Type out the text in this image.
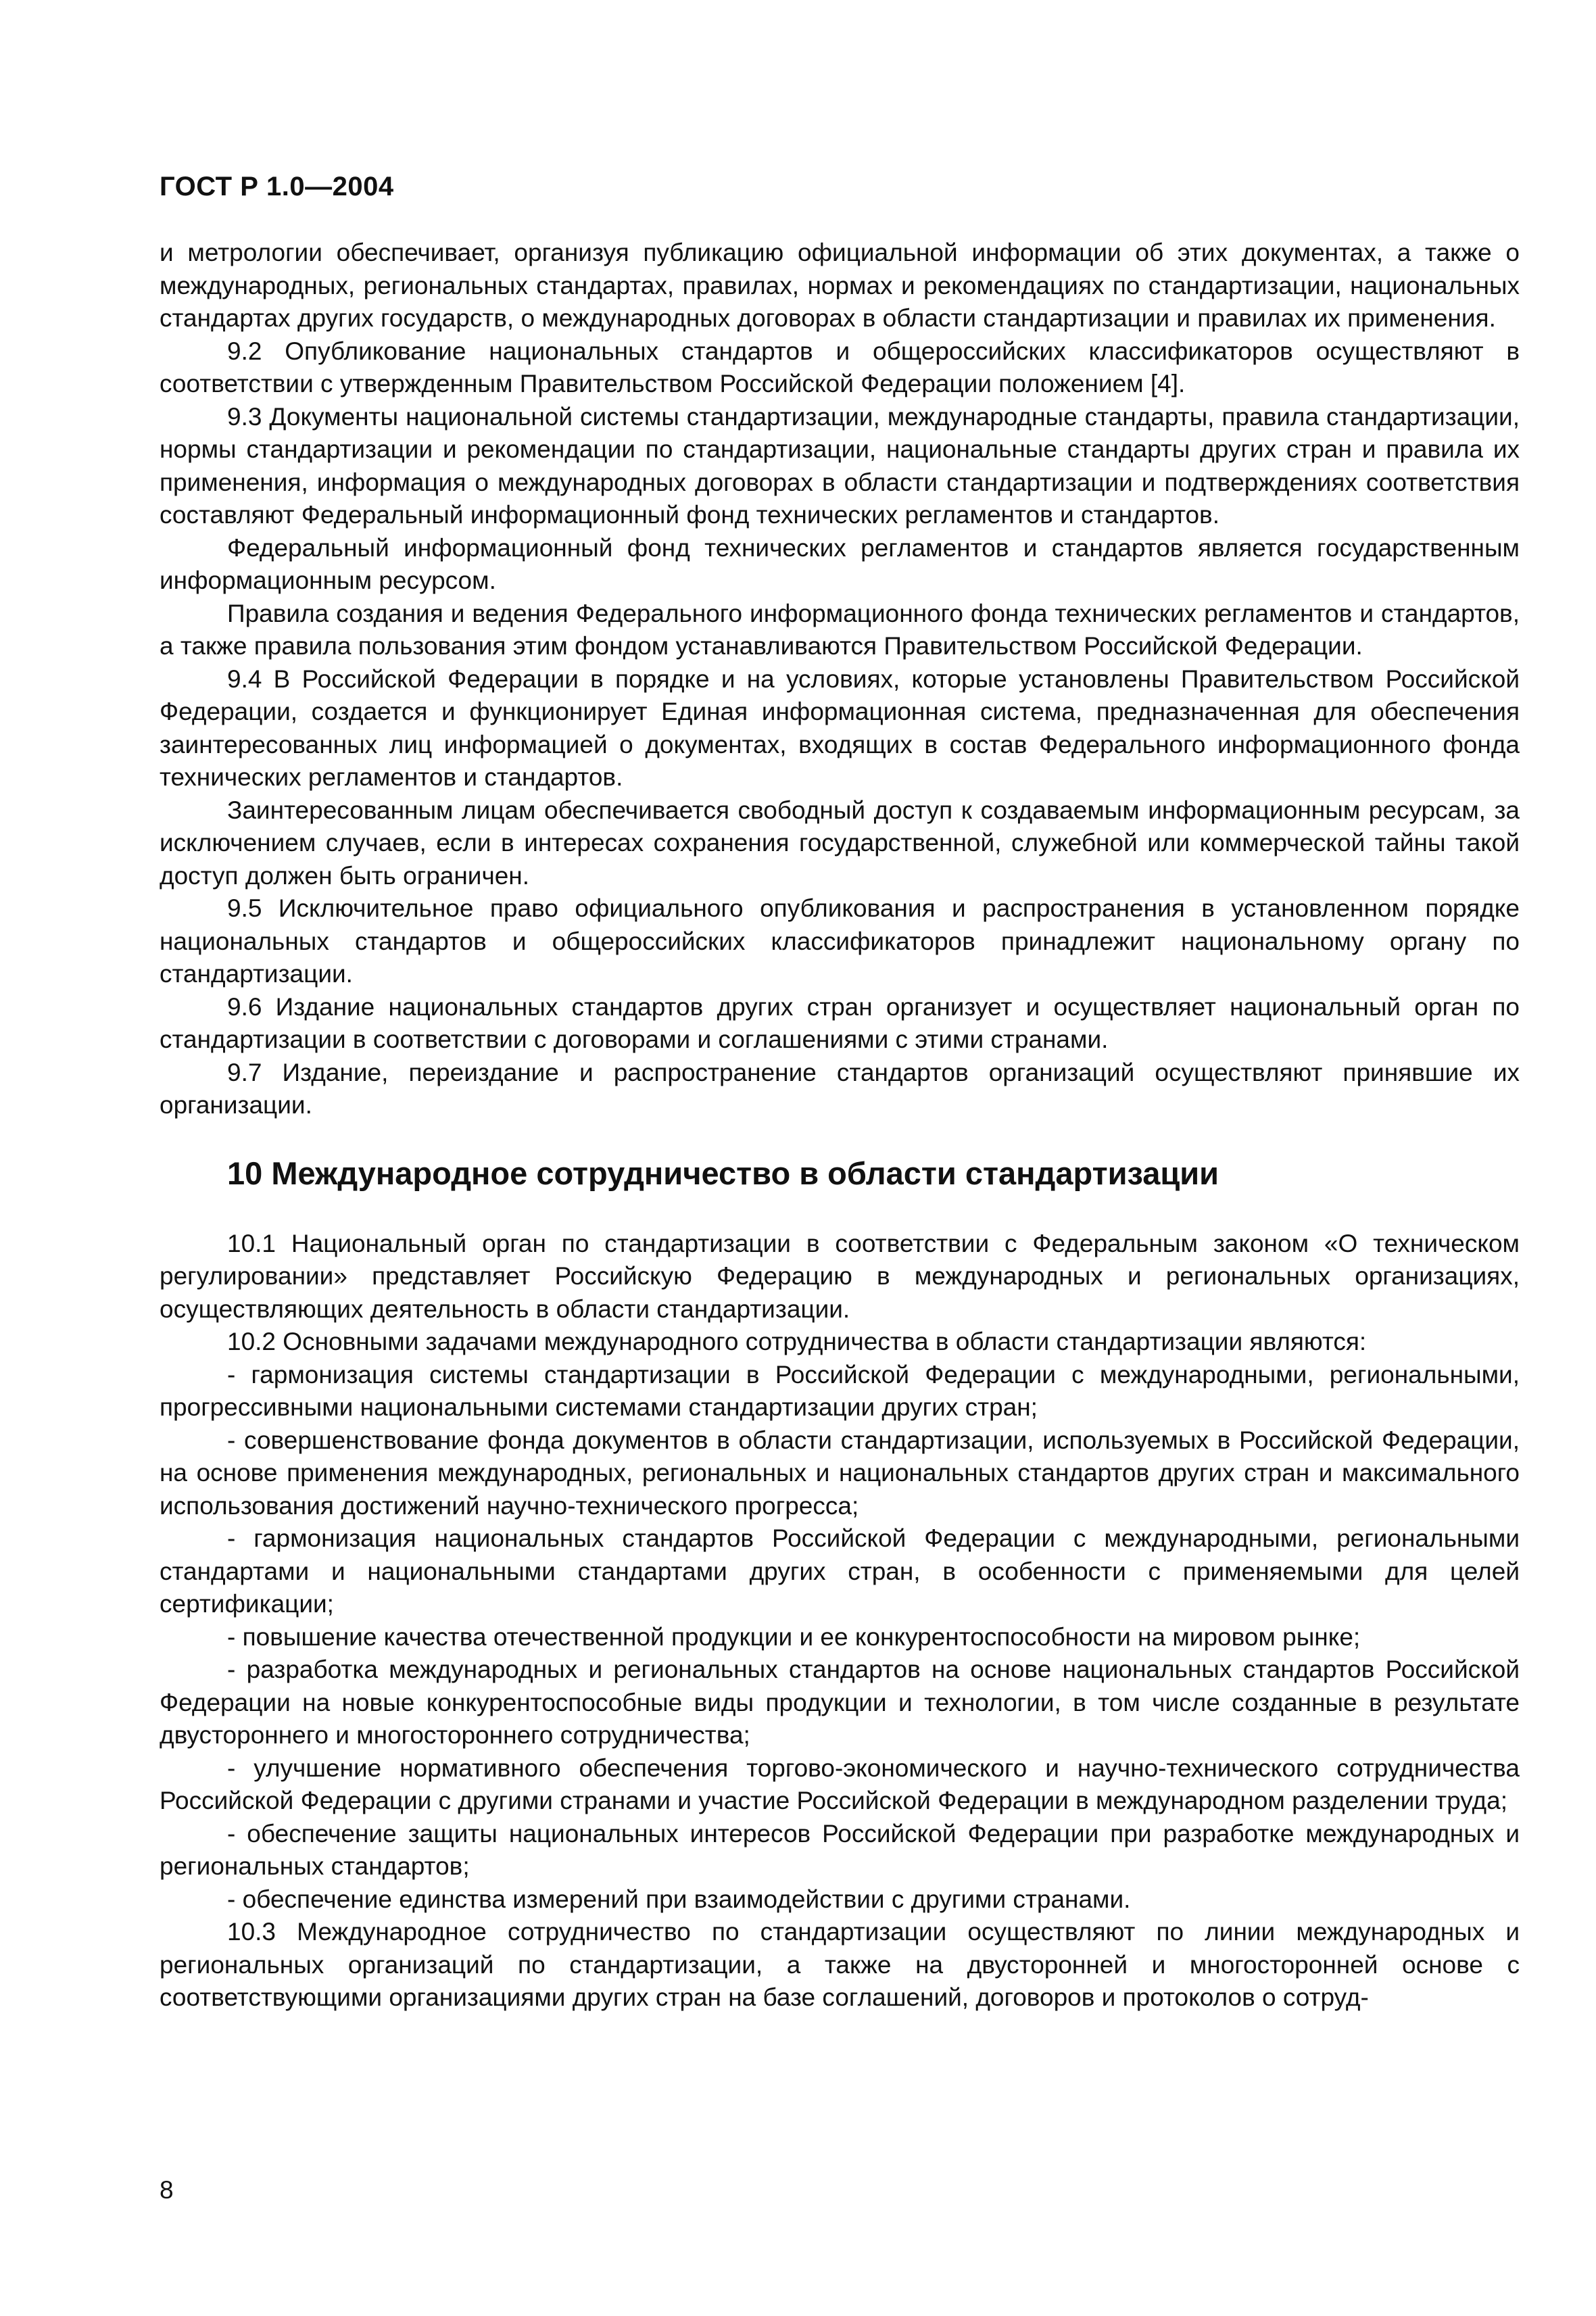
ГОСТ Р 1.0—2004

и метрологии обеспечивает, организуя публикацию официальной информации об этих документах, а также о международных, региональных стандартах, правилах, нормах и рекомендациях по стандартизации, национальных стандартах других государств, о международных договорах в области стандартизации и правилах их применения.

9.2 Опубликование национальных стандартов и общероссийских классификаторов осуществляют в соответствии с утвержденным Правительством Российской Федерации положением [4].

9.3 Документы национальной системы стандартизации, международные стандарты, правила стандартизации, нормы стандартизации и рекомендации по стандартизации, национальные стандарты других стран и правила их применения, информация о международных договорах в области стандартизации и подтверждениях соответствия составляют Федеральный информационный фонд технических регламентов и стандартов.

Федеральный информационный фонд технических регламентов и стандартов является государственным информационным ресурсом.

Правила создания и ведения Федерального информационного фонда технических регламентов и стандартов, а также правила пользования этим фондом устанавливаются Правительством Российской Федерации.

9.4 В Российской Федерации в порядке и на условиях, которые установлены Правительством Российской Федерации, создается и функционирует Единая информационная система, предназначенная для обеспечения заинтересованных лиц информацией о документах, входящих в состав Федерального информационного фонда технических регламентов и стандартов.

Заинтересованным лицам обеспечивается свободный доступ к создаваемым информационным ресурсам, за исключением случаев, если в интересах сохранения государственной, служебной или коммерческой тайны такой доступ должен быть ограничен.

9.5 Исключительное право официального опубликования и распространения в установленном порядке национальных стандартов и общероссийских классификаторов принадлежит национальному органу по стандартизации.

9.6 Издание национальных стандартов других стран организует и осуществляет национальный орган по стандартизации в соответствии с договорами и соглашениями с этими странами.

9.7 Издание, переиздание и распространение стандартов организаций осуществляют принявшие их организации.

10 Международное сотрудничество в области стандартизации

10.1 Национальный орган по стандартизации в соответствии с Федеральным законом «О техническом регулировании» представляет Российскую Федерацию в международных и региональных организациях, осуществляющих деятельность в области стандартизации.

10.2 Основными задачами международного сотрудничества в области стандартизации являются:

- гармонизация системы стандартизации в Российской Федерации с международными, региональными, прогрессивными национальными системами стандартизации других стран;

- совершенствование фонда документов в области стандартизации, используемых в Российской Федерации, на основе применения международных, региональных и национальных стандартов других стран и максимального использования достижений научно-технического прогресса;

- гармонизация национальных стандартов Российской Федерации с международными, региональными стандартами и национальными стандартами других стран, в особенности с применяемыми для целей сертификации;

- повышение качества отечественной продукции и ее конкурентоспособности на мировом рынке;

- разработка международных и региональных стандартов на основе национальных стандартов Российской Федерации на новые конкурентоспособные виды продукции и технологии, в том числе созданные в результате двустороннего и многостороннего сотрудничества;

- улучшение нормативного обеспечения торгово-экономического и научно-технического сотрудничества Российской Федерации с другими странами и участие Российской Федерации в международном разделении труда;

- обеспечение защиты национальных интересов Российской Федерации при разработке международных и региональных стандартов;

- обеспечение единства измерений при взаимодействии с другими странами.

10.3 Международное сотрудничество по стандартизации осуществляют по линии международных и региональных организаций по стандартизации, а также на двусторонней и многосторонней основе с соответствующими организациями других стран на базе соглашений, договоров и протоколов о сотруд-

8
